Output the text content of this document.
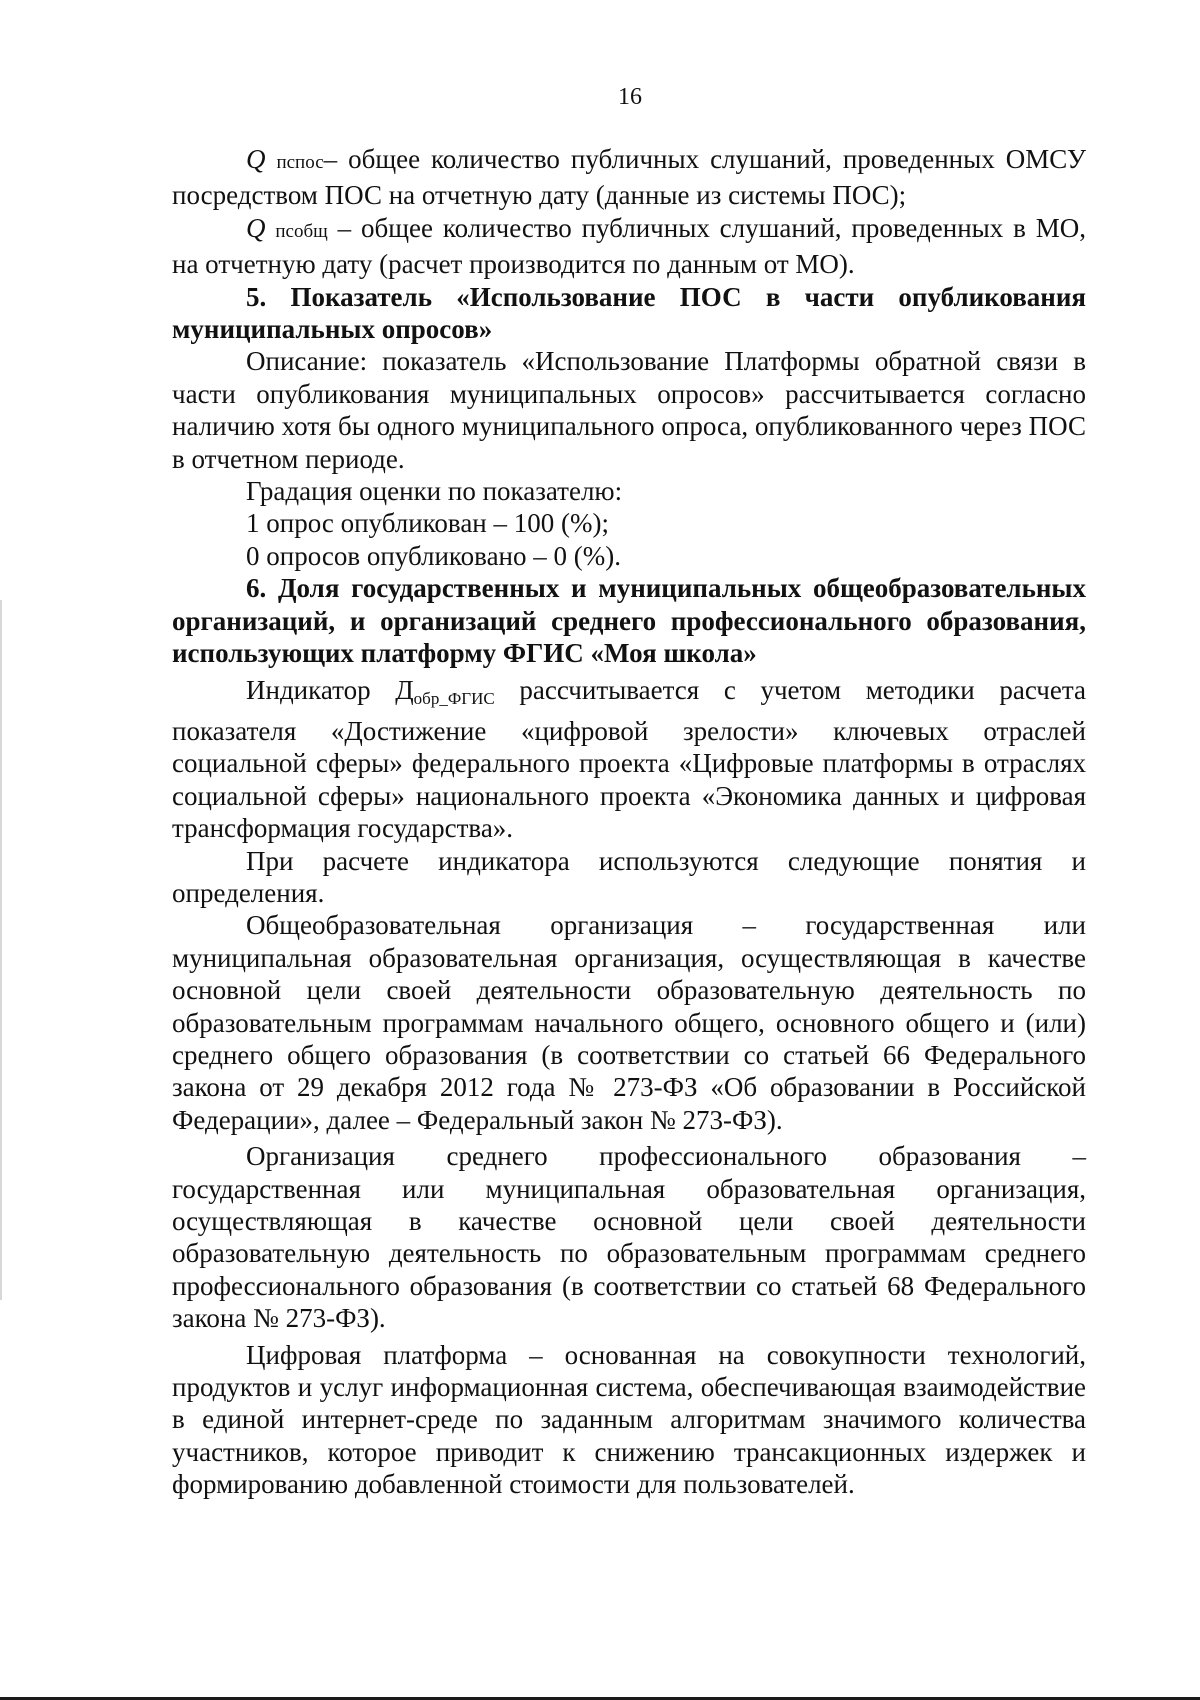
16

Q пспос– общее количество публичных слушаний, проведенных ОМСУ посредством ПОС на отчетную дату (данные из системы ПОС);

Q псобщ – общее количество публичных слушаний, проведенных в МО, на отчетную дату (расчет производится по данным от МО).

5. Показатель «Использование ПОС в части опубликования муниципальных опросов»

Описание: показатель «Использование Платформы обратной связи в части опубликования муниципальных опросов» рассчитывается согласно наличию хотя бы одного муниципального опроса, опубликованного через ПОС в отчетном периоде.

Градация оценки по показателю:

1 опрос опубликован – 100 (%);

0 опросов опубликовано – 0 (%).

6. Доля государственных и муниципальных общеобразовательных организаций, и организаций среднего профессионального образования, использующих платформу ФГИС «Моя школа»

Индикатор Добр_ФГИС рассчитывается с учетом методики расчета показателя «Достижение «цифровой зрелости» ключевых отраслей социальной сферы» федерального проекта «Цифровые платформы в отраслях социальной сферы» национального проекта «Экономика данных и цифровая трансформация государства».

При расчете индикатора используются следующие понятия и определения.

Общеобразовательная организация – государственная или муниципальная образовательная организация, осуществляющая в качестве основной цели своей деятельности образовательную деятельность по образовательным программам начального общего, основного общего и (или) среднего общего образования (в соответствии со статьей 66 Федерального закона от 29 декабря 2012 года № 273-ФЗ «Об образовании в Российской Федерации», далее – Федеральный закон № 273-ФЗ).

Организация среднего профессионального образования – государственная или муниципальная образовательная организация, осуществляющая в качестве основной цели своей деятельности образовательную деятельность по образовательным программам среднего профессионального образования (в соответствии со статьей 68 Федерального закона № 273-ФЗ).

Цифровая платформа – основанная на совокупности технологий, продуктов и услуг информационная система, обеспечивающая взаимодействие в единой интернет-среде по заданным алгоритмам значимого количества участников, которое приводит к снижению трансакционных издержек и формированию добавленной стоимости для пользователей.
